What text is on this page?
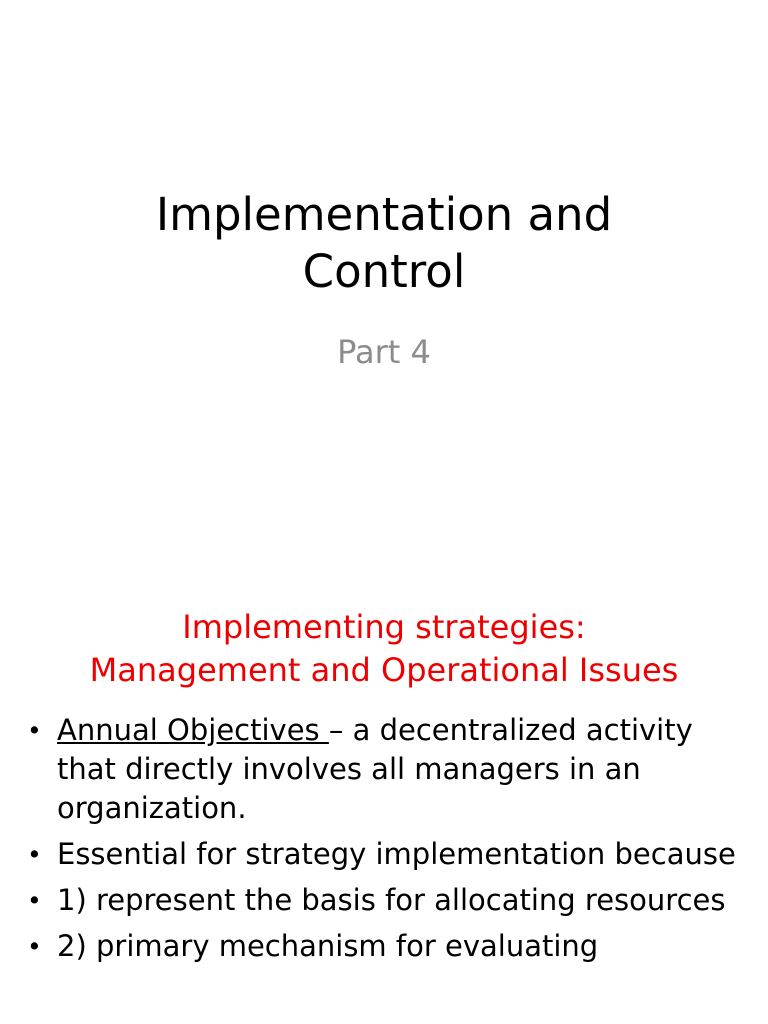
Implementation and
Control

Part 4

Implementing strategies:
Management and Operational Issues
• Annual Objectives – a decentralized activity that directly involves all managers in an organization.
• Essential for strategy implementation because
• 1) represent the basis for allocating resources
• 2) primary mechanism for evaluating
